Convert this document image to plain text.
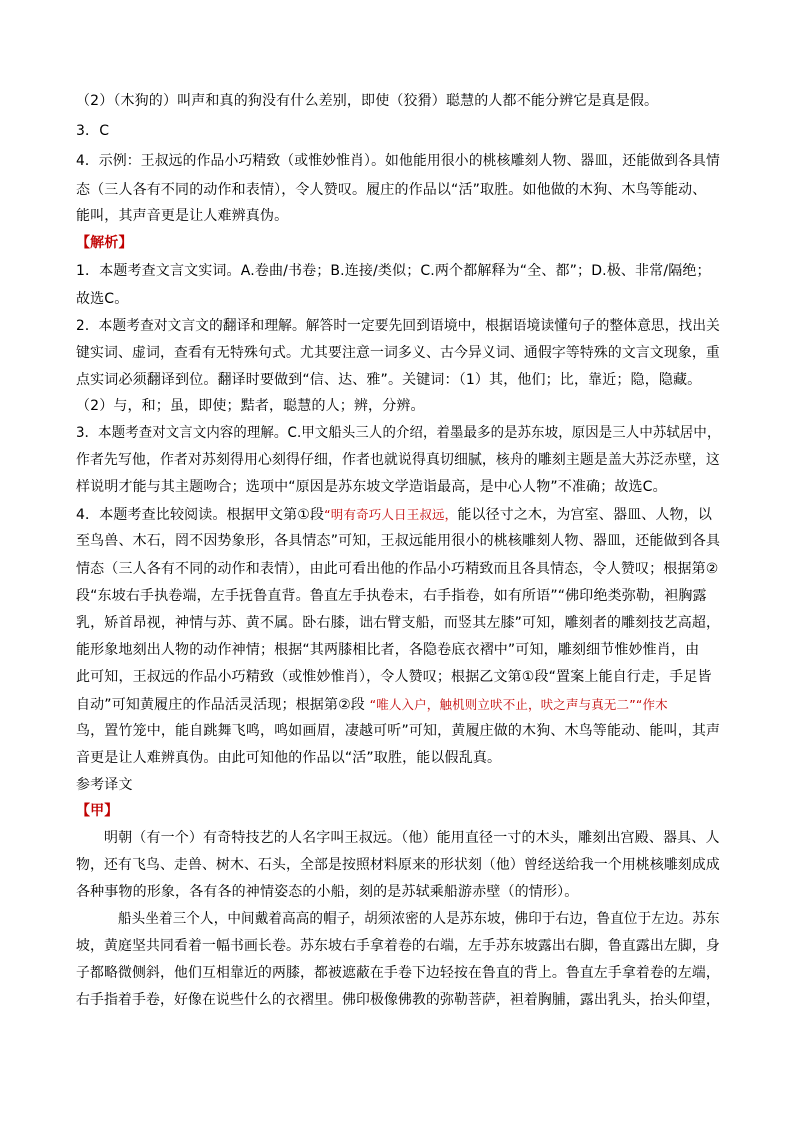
（2）（木狗的）叫声和真的狗没有什么差别，即使（狡猾）聪慧的人都不能分辨它是真是假。
3．C
4．示例：王叔远的作品小巧精致（或惟妙惟肖）。如他能用很小的桃核雕刻人物、器皿，还能做到各具情
态（三人各有不同的动作和表情），令人赞叹。履庄的作品以“活”取胜。如他做的木狗、木鸟等能动、
能叫，其声音更是让人难辨真伪。
【解析】
1．本题考查文言文实词。A.卷曲/书卷；B.连接/类似；C.两个都解释为“全、都”；D.极、非常/隔绝；
故选C。
2．本题考查对文言文的翻译和理解。解答时一定要先回到语境中，根据语境读懂句子的整体意思，找出关
键实词、虚词，查看有无特殊句式。尤其要注意一词多义、古今异义词、通假字等特殊的文言文现象，重
点实词必须翻译到位。翻译时要做到“信、达、雅”。关键词：（1）其，他们；比，靠近；隐，隐藏。
（2）与，和；虽，即使；黠者，聪慧的人；辨，分辨。
3．本题考查对文言文内容的理解。C.甲文船头三人的介绍，着墨最多的是苏东坡，原因是三人中苏轼居中，
作者先写他，作者对苏刻得用心刻得仔细，作者也就说得真切细腻，核舟的雕刻主题是盖大苏泛赤壁，这
样说明才能与其主题吻合；选项中“原因是苏东坡文学造诣最高，是中心人物”不准确；故选C。
4．本题考查比较阅读。根据甲文第①段“明有奇巧人日王叔远，能以径寸之木，为宫室、器皿、人物，以
至鸟兽、木石，罔不因势象形，各具情态”可知，王叔远能用很小的桃核雕刻人物、器皿，还能做到各具
情态（三人各有不同的动作和表情），由此可看出他的作品小巧精致而且各具情态，令人赞叹；根据第②
段“东坡右手执卷端，左手抚鲁直背。鲁直左手执卷末，右手指卷，如有所语”“佛印绝类弥勒，袒胸露
乳，矫首昂视，神情与苏、黄不属。卧右膝，诎右臂支船，而竖其左膝”可知，雕刻者的雕刻技艺高超，
能形象地刻出人物的动作神情；根据“其两膝相比者，各隐卷底衣褶中”可知，雕刻细节惟妙惟肖，由
此可知，王叔远的作品小巧精致（或惟妙惟肖），令人赞叹；根据乙文第①段“置案上能自行走，手足皆
自动”可知黄履庄的作品活灵活现；根据第②段 “唯人入户，触机则立吠不止，吠之声与真无二”“作木
鸟，置竹笼中，能自跳舞飞鸣，鸣如画眉，凄越可听”可知，黄履庄做的木狗、木鸟等能动、能叫，其声
音更是让人难辨真伪。由此可知他的作品以“活”取胜，能以假乱真。
参考译文
【甲】
明朝（有一个）有奇特技艺的人名字叫王叔远。（他）能用直径一寸的木头，雕刻出宫殿、器具、人
物，还有飞鸟、走兽、树木、石头，全部是按照材料原来的形状刻（他）曾经送给我一个用桃核雕刻成成
各种事物的形象，各有各的神情姿态的小船，刻的是苏轼乘船游赤壁（的情形）。
船头坐着三个人，中间戴着高高的帽子，胡须浓密的人是苏东坡，佛印于右边，鲁直位于左边。苏东
坡，黄庭坚共同看着一幅书画长卷。苏东坡右手拿着卷的右端，左手苏东坡露出右脚，鲁直露出左脚，身
子都略微侧斜，他们互相靠近的两膝，都被遮蔽在手卷下边轻按在鲁直的背上。鲁直左手拿着卷的左端，
右手指着手卷，好像在说些什么的衣褶里。佛印极像佛教的弥勒菩萨，袒着胸脯，露出乳头，抬头仰望，
